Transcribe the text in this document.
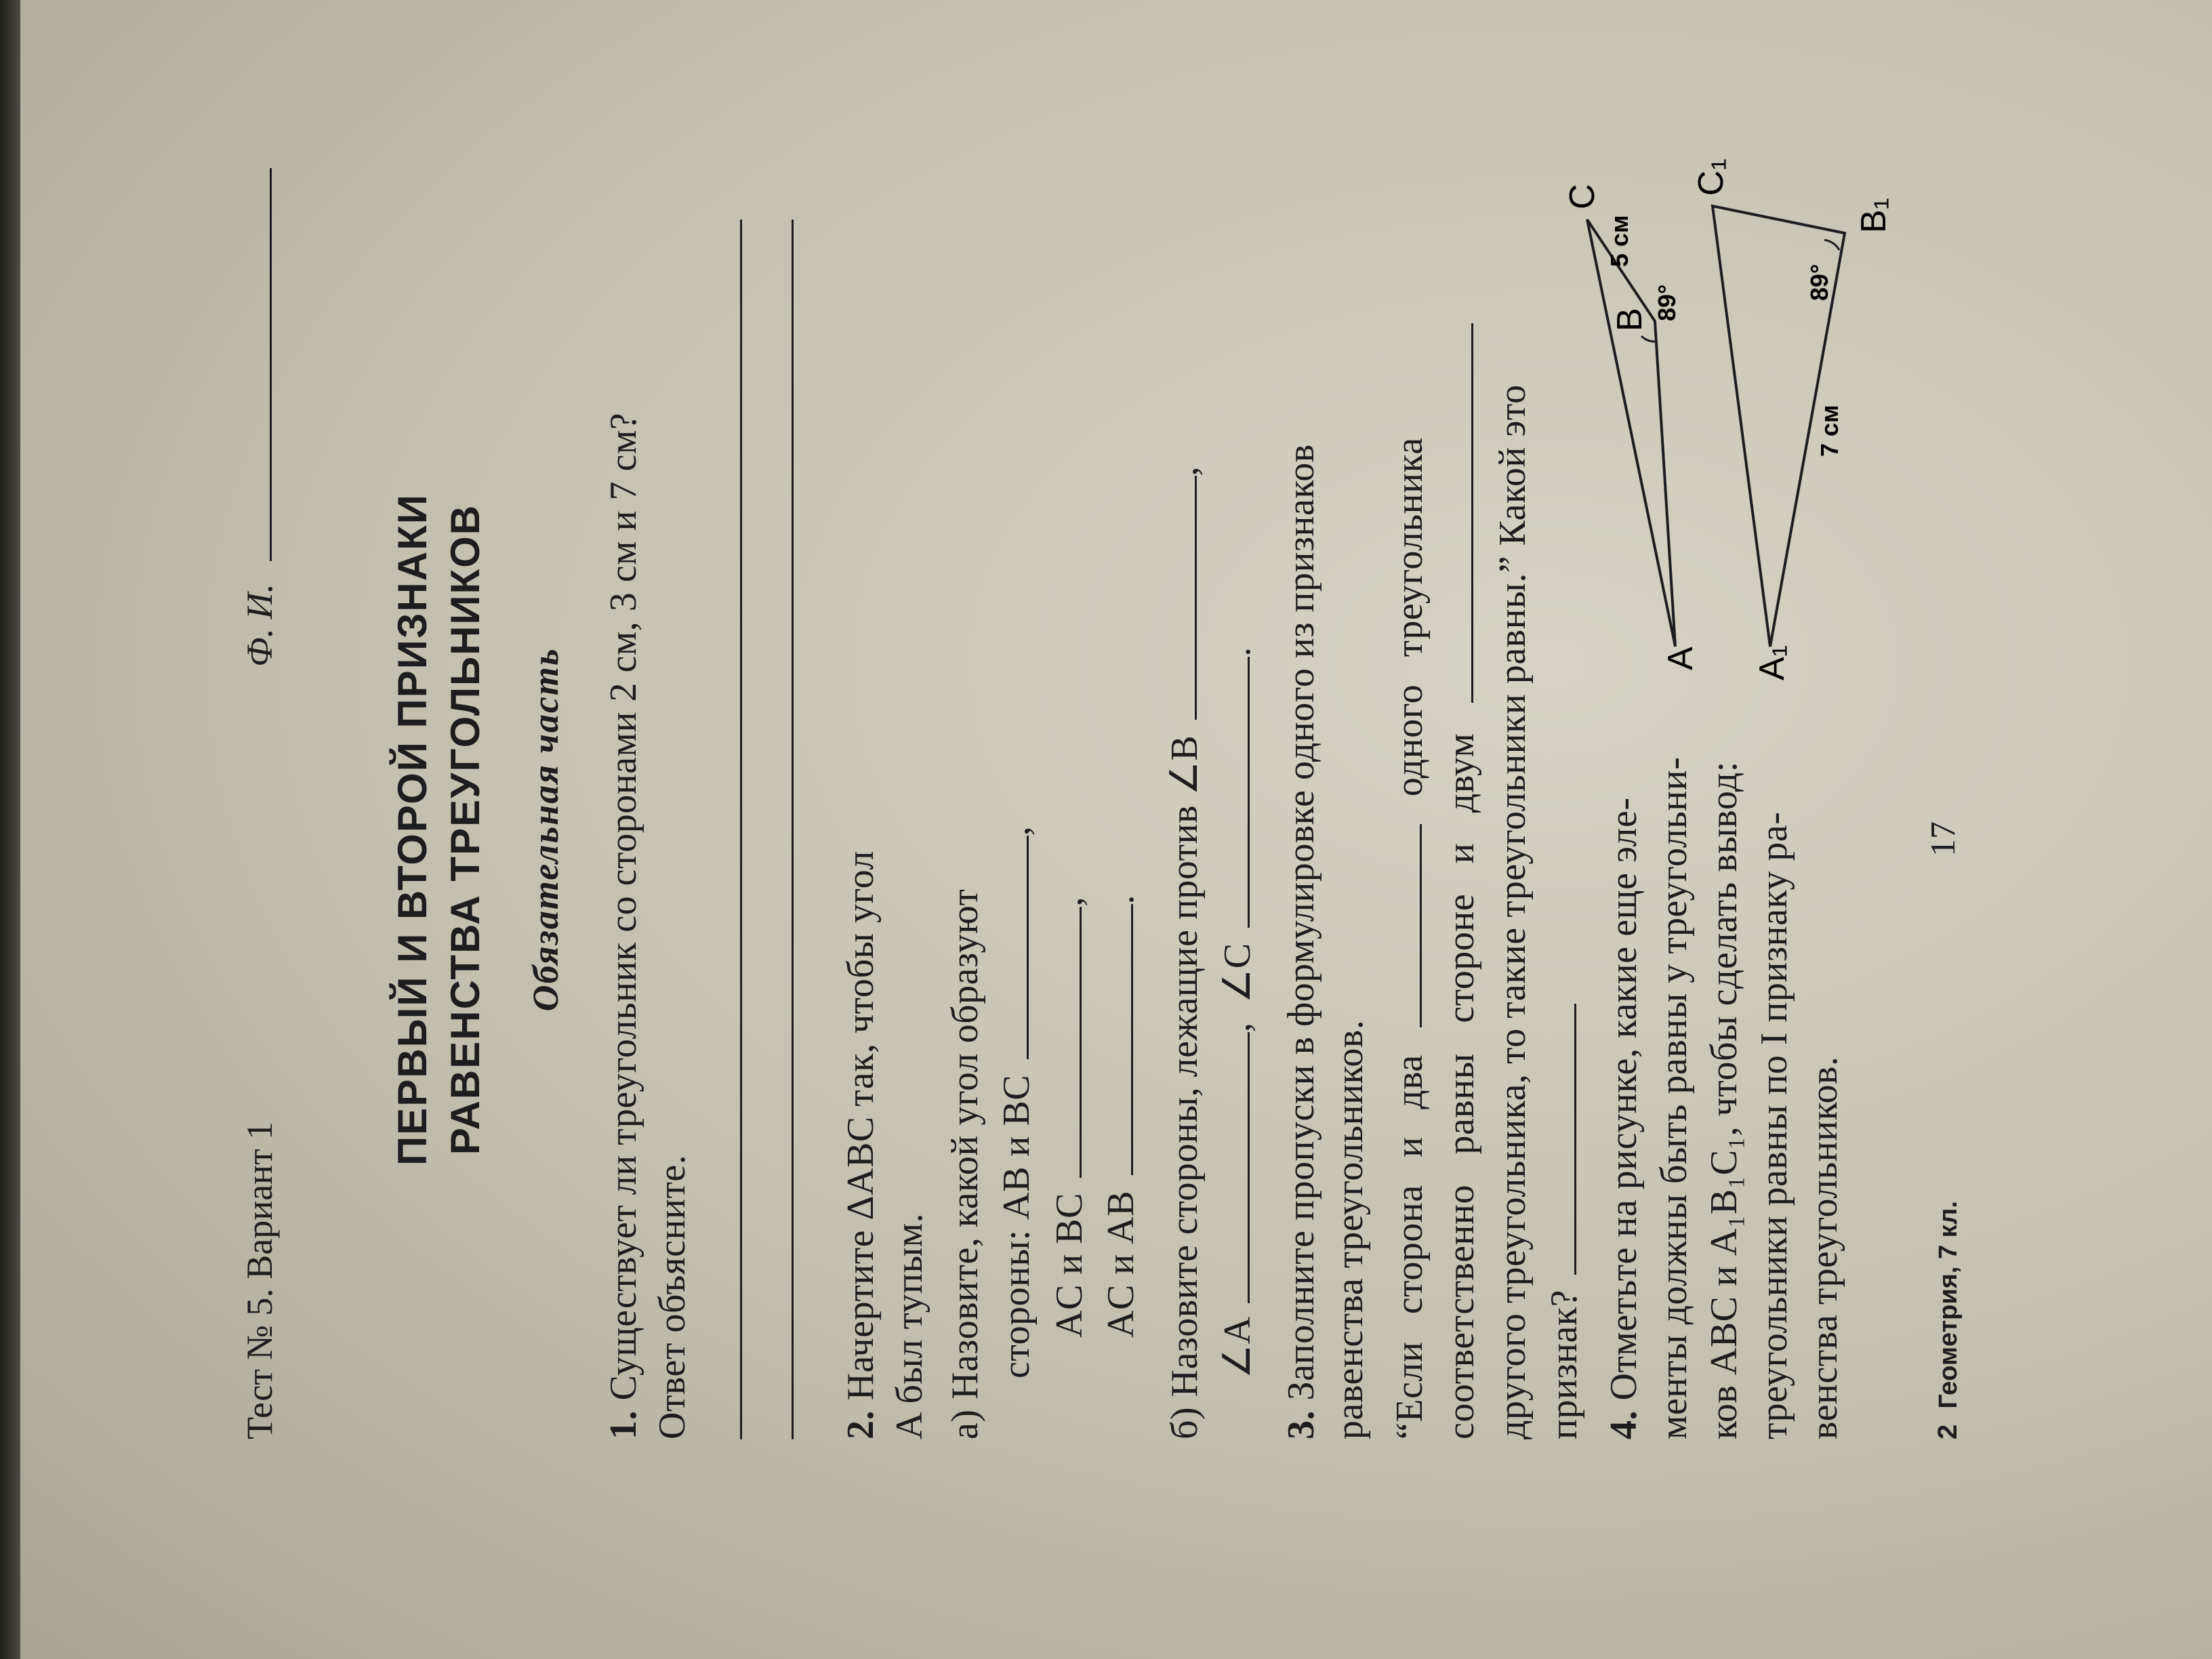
Тест № 5. Вариант 1
Ф. И.	ПЕРВЫЙ И ВТОРОЙ ПРИЗНАКИ РАВЕНСТВА ТРЕУГОЛЬНИКОВ Обязательная часть
1. Существует ли треугольник со сторонами 2 см, 3 см и 7 см? Ответ объясните.	2. Начертите ΔABC так, чтобы угол A был тупым. а) Назовите, какой угол образуют стороны: AB и BC ,
AC и BC ,
AC и AB .
б) Назовите стороны, лежащие против ∠B ,
∠A , ∠C .
3. Заполните пропуски в формулировке одного из признаков равенства треугольников. “Если сторона и два  одного треугольника
соответственно равны стороне и двум другого треугольника, то такие треугольники равны.” Какой это признак? 4. Отметьте на рисунке, какие еще эле- менты должны быть равны у треугольни- ков ABC и A₁B₁C₁, чтобы сделать вывод: треугольники равны по I признаку ра- венства треугольников.
A
B
C
89°
5 см
A₁
C₁
B₁
89°
7 см
2 Геометрия, 7 кл.
17
